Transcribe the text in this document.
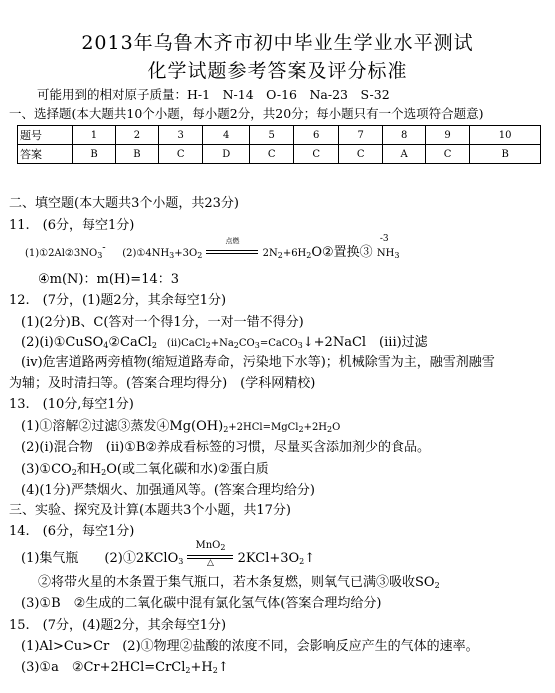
2013年乌鲁木齐市初中毕业生学业水平测试
化学试题参考答案及评分标准
可能用到的相对原子质量：H-1　N-14　O-16　Na-23　S-32
一、选择题(本大题共10个小题，每小题2分，共20分；每小题只有一个选项符合题意)
题号	1	2	3	4	5	6	7	8	9	10
答案	B	B	C	D	C	C	C	A	C	B
二、填空题(本大题共3个小题，共23分)
11.　(6分，每空1分)
$(1)①2Al②3NO_3^-$ $(2)①4NH_3+3O_2$
点燃
$2N_2+6H_2O②$置换③
-3
$NH_3$
④m(N)：m(H)=14：3
12.　(7分，(1)题2分，其余每空1分)
(1)(2分)B、C(答对一个得1分，一对一错不得分)
(2)(i)①CuSO$_4$②CaCl$_2$　$(ii)CaCl_2+Na_2CO_3=CaCO_3↓+2NaCl$　(iii)过滤
(iv)危害道路两旁植物(缩短道路寿命，污染地下水等)；机械除雪为主，融雪剂融雪
为辅；及时清扫等。(答案合理均得分)　(学科网精校)
13.　(10分,每空1分)
(1)①溶解②过滤③蒸发$④Mg(OH)_2+2HCl=MgCl_2+2H_2O$
(2)(i)混合物　(ii)①B②养成看标签的习惯，尽量买含添加剂少的食品。
$(3)①CO_2$和$H_2O$(或二氧化碳和水)②蛋白质
(4)(1分)严禁烟火、加强通风等。(答案合理均给分)
三、实验、探究及计算(本题共3个小题，共17分)
14.　(6分，每空1分)
(1)集气瓶　　(2)①2KClO$_3$
MnO$_2$
△	$2KCl+3O_2↑$
②将带火星的木条置于集气瓶口，若木条复燃，则氧气已满③吸收$SO_2$
(3)①B　②生成的二氧化碳中混有氯化氢气体(答案合理均给分)
15.　(7分，(4)题2分，其余每空1分)
(1)Al>Cu>Cr　(2)①物理②盐酸的浓度不同，会影响反应产生的气体的速率。
(3)①a　$②Cr+2HCl=CrCl_2+H_2↑$
